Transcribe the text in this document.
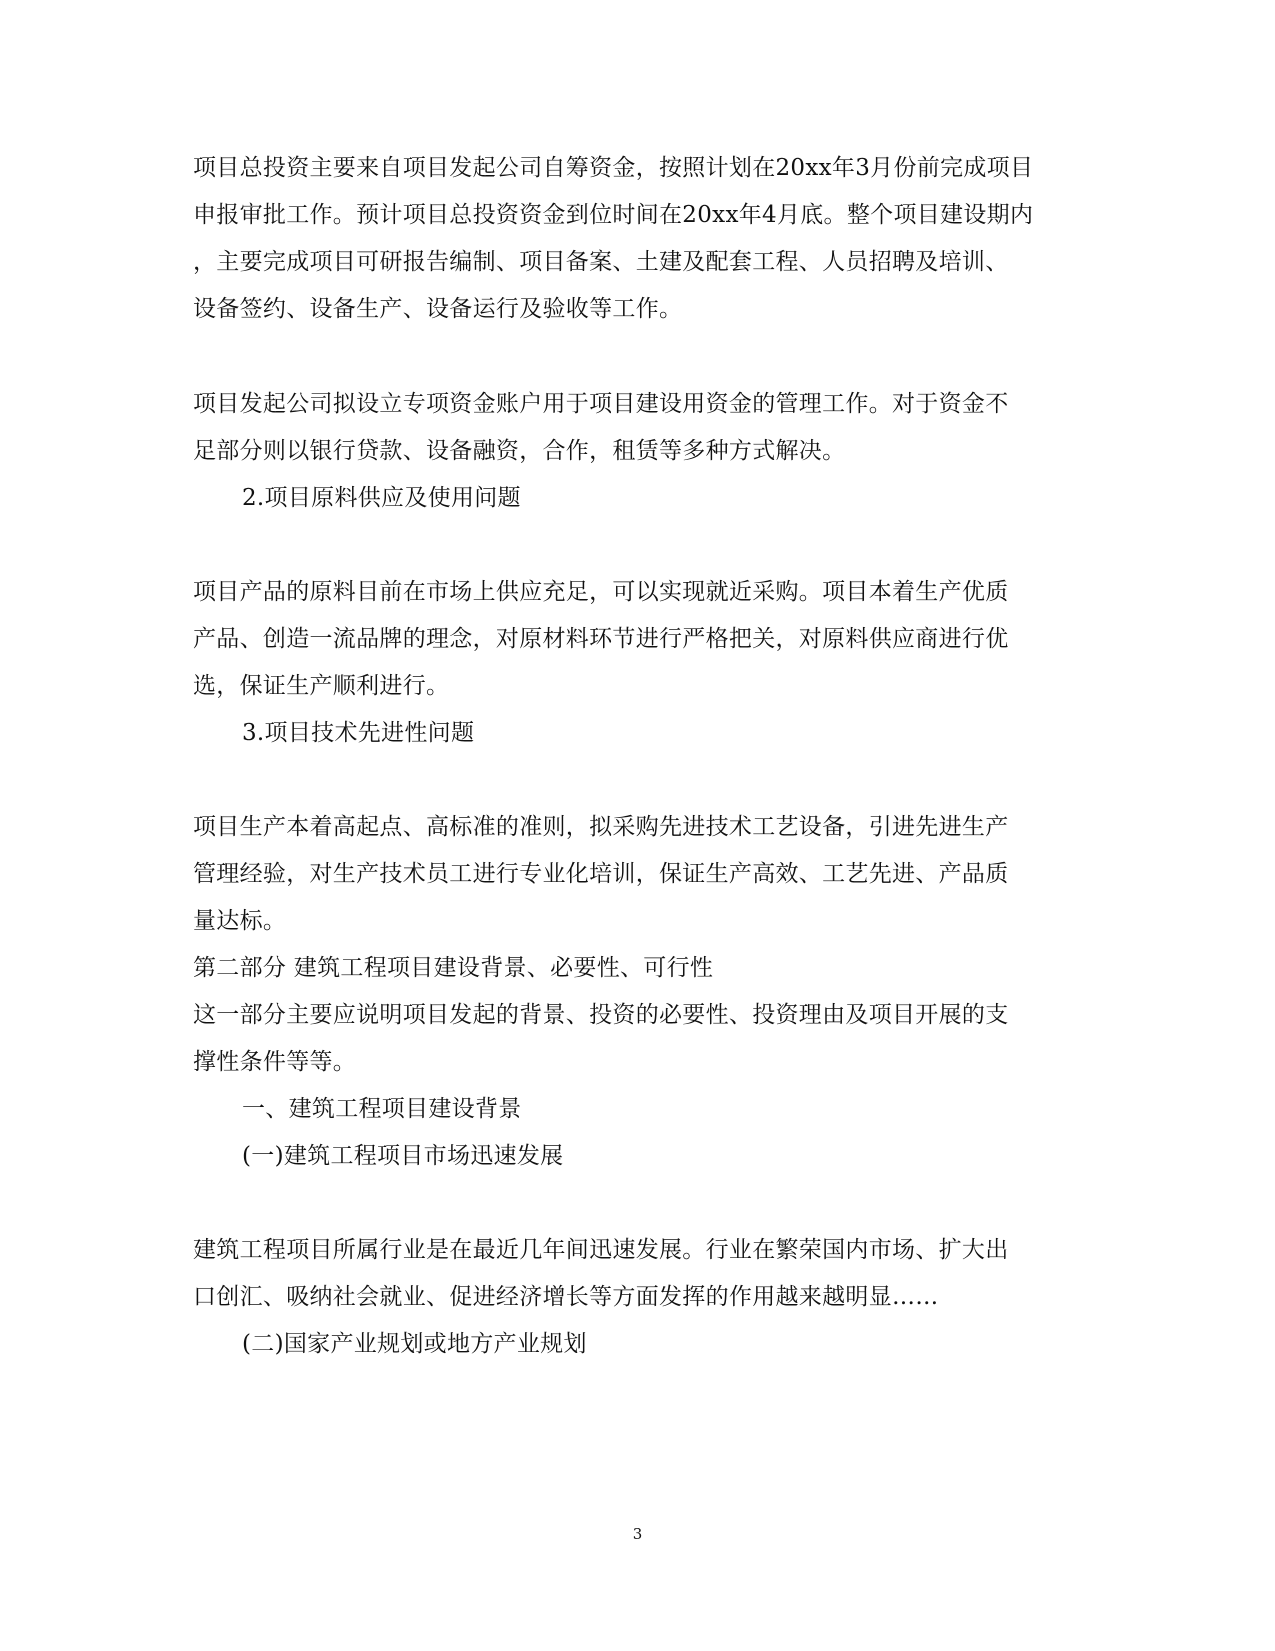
项目总投资主要来自项目发起公司自筹资金，按照计划在20xx年3月份前完成项目
申报审批工作。预计项目总投资资金到位时间在20xx年4月底。整个项目建设期内
，主要完成项目可研报告编制、项目备案、土建及配套工程、人员招聘及培训、
设备签约、设备生产、设备运行及验收等工作。
项目发起公司拟设立专项资金账户用于项目建设用资金的管理工作。对于资金不
足部分则以银行贷款、设备融资，合作，租赁等多种方式解决。
2.项目原料供应及使用问题
项目产品的原料目前在市场上供应充足，可以实现就近采购。项目本着生产优质
产品、创造一流品牌的理念，对原材料环节进行严格把关，对原料供应商进行优
选，保证生产顺利进行。
3.项目技术先进性问题
项目生产本着高起点、高标准的准则，拟采购先进技术工艺设备，引进先进生产
管理经验，对生产技术员工进行专业化培训，保证生产高效、工艺先进、产品质
量达标。
第二部分 建筑工程项目建设背景、必要性、可行性
这一部分主要应说明项目发起的背景、投资的必要性、投资理由及项目开展的支
撑性条件等等。
一、建筑工程项目建设背景
(一)建筑工程项目市场迅速发展
建筑工程项目所属行业是在最近几年间迅速发展。行业在繁荣国内市场、扩大出
口创汇、吸纳社会就业、促进经济增长等方面发挥的作用越来越明显……
(二)国家产业规划或地方产业规划
3
